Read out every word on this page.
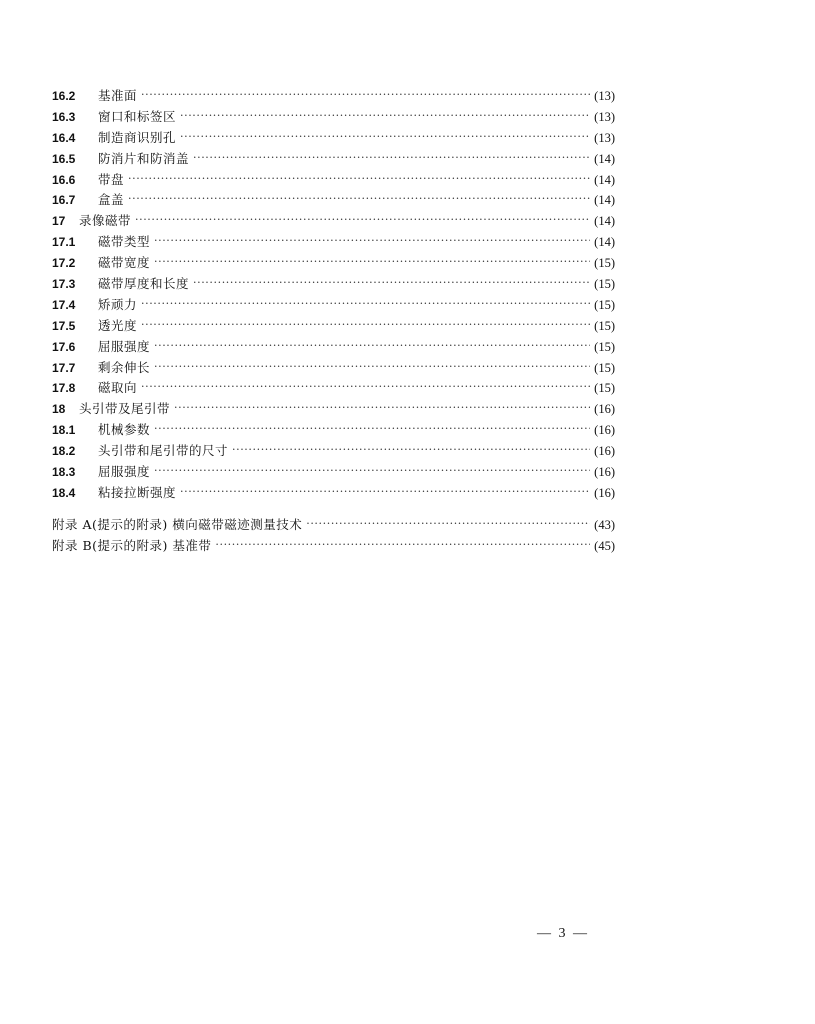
16.2	基准面 ·····	(13)
16.3	窗口和标签区 ·····	(13)
16.4	制造商识别孔 ·····	(13)
16.5	防消片和防消盖 ·····	(14)
16.6	带盘 ·····	(14)
16.7	盒盖 ·····	(14)
17	录像磁带 ·····	(14)
17.1	磁带类型 ·····	(14)
17.2	磁带宽度 ·····	(15)
17.3	磁带厚度和长度 ·····	(15)
17.4	矫顽力 ·····	(15)
17.5	透光度 ·····	(15)
17.6	屈服强度 ·····	(15)
17.7	剩余伸长 ·····	(15)
17.8	磁取向 ·····	(15)
18	头引带及尾引带 ·····	(16)
18.1	机械参数 ·····	(16)
18.2	头引带和尾引带的尺寸 ·····	(16)
18.3	屈服强度 ·····	(16)
18.4	粘接拉断强度 ·····	(16)
附录 A(提示的附录) 横向磁带磁迹测量技术 ·····	(43)
附录 B(提示的附录) 基准带 ·····	(45)
— 3 —
